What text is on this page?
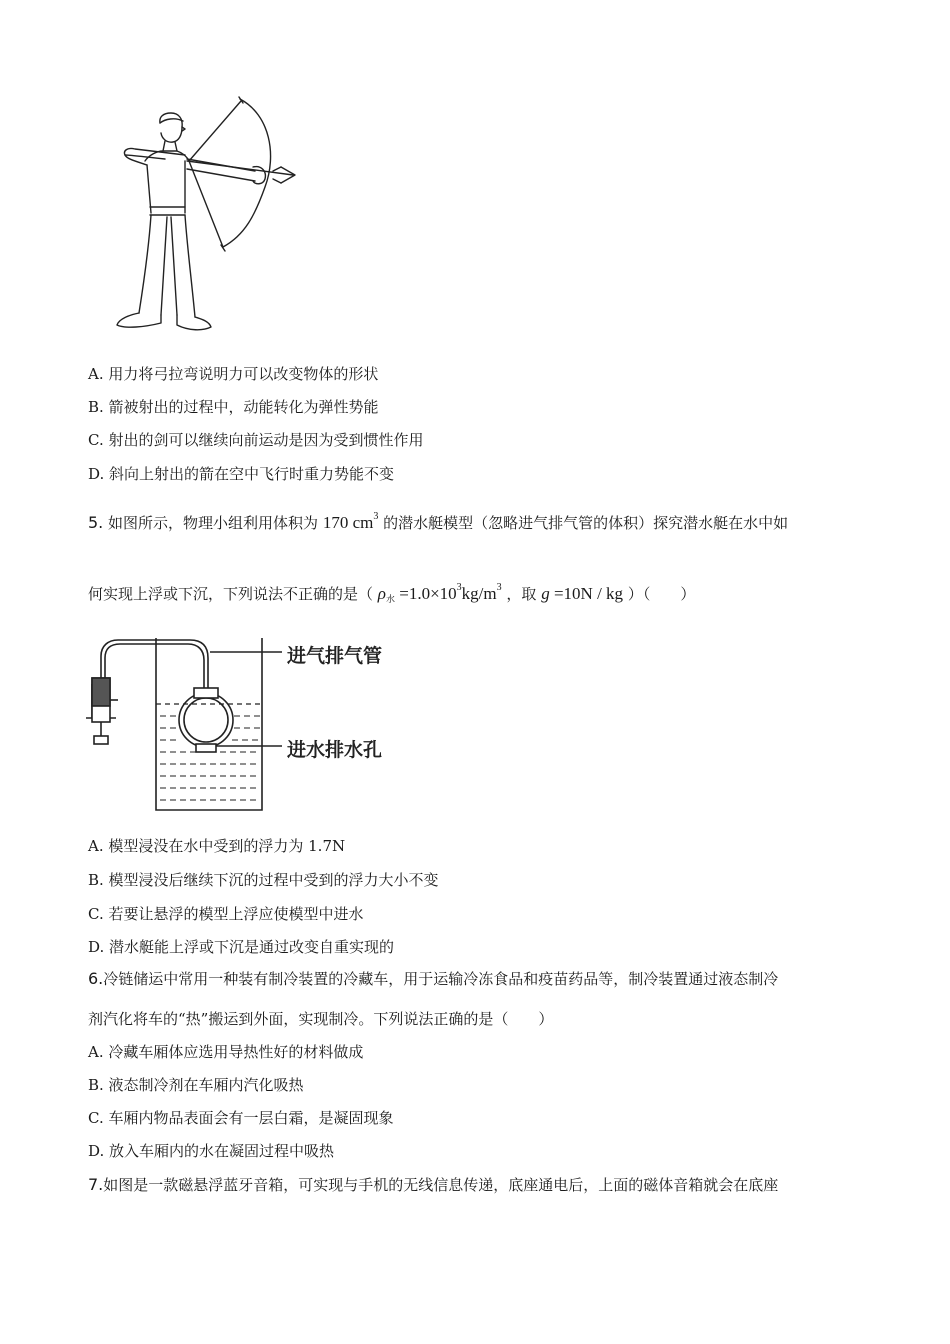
A. 用力将弓拉弯说明力可以改变物体的形状
B. 箭被射出的过程中，动能转化为弹性势能
C. 射出的剑可以继续向前运动是因为受到惯性作用
D. 斜向上射出的箭在空中飞行时重力势能不变
5. 如图所示，物理小组利用体积为 170 $cm^3$ 的潜水艇模型（忽略进气排气管的体积）探究潜水艇在水中如
何实现上浮或下沉，下列说法不正确的是（ $\rho_水 =1.0\times 10^3kg/m^3$ ，取 g =10N / kg ）（　　）
进气排气管
进水排水孔
A. 模型浸没在水中受到的浮力为 1.7N
B. 模型浸没后继续下沉的过程中受到的浮力大小不变
C. 若要让悬浮的模型上浮应使模型中进水
D. 潜水艇能上浮或下沉是通过改变自重实现的
6.冷链储运中常用一种装有制冷装置的冷藏车，用于运输冷冻食品和疫苗药品等，制冷装置通过液态制冷
剂汽化将车的“热”搬运到外面，实现制冷。下列说法正确的是（　　）
A. 冷藏车厢体应选用导热性好的材料做成
B. 液态制冷剂在车厢内汽化吸热
C. 车厢内物品表面会有一层白霜，是凝固现象
D. 放入车厢内的水在凝固过程中吸热
7.如图是一款磁悬浮蓝牙音箱，可实现与手机的无线信息传递，底座通电后，上面的磁体音箱就会在底座
